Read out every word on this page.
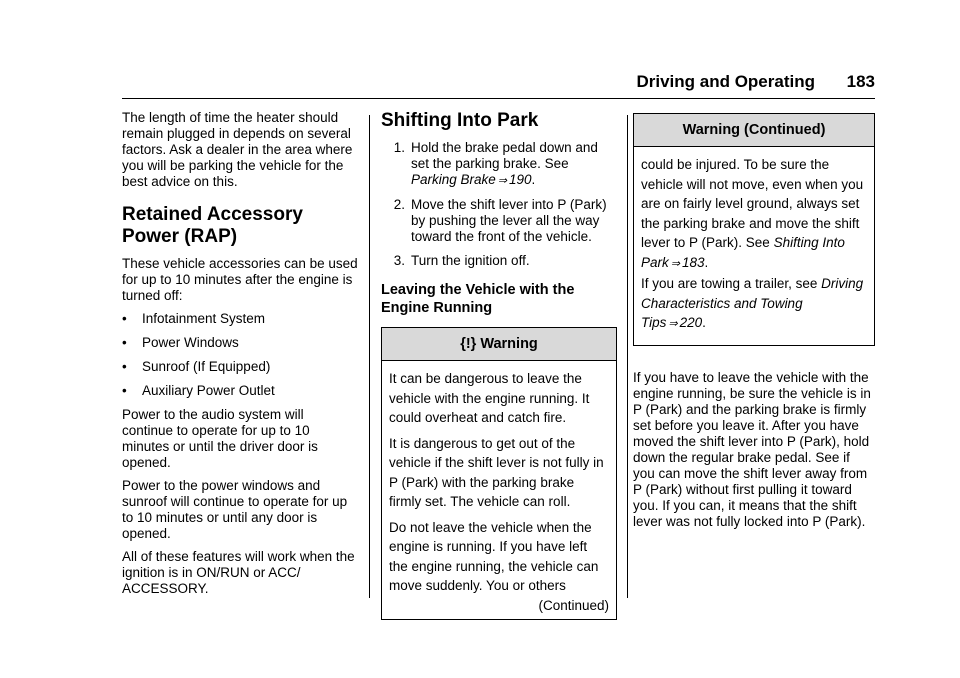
Driving and Operating 183

The length of time the heater should remain plugged in depends on several factors. Ask a dealer in the area where you will be parking the vehicle for the best advice on this.

Retained Accessory Power (RAP)

These vehicle accessories can be used for up to 10 minutes after the engine is turned off:

•	Infotainment System
•	Power Windows
•	Sunroof (If Equipped)
•	Auxiliary Power Outlet

Power to the audio system will continue to operate for up to 10 minutes or until the driver door is opened.

Power to the power windows and sunroof will continue to operate for up to 10 minutes or until any door is opened.

All of these features will work when the ignition is in ON/RUN or ACC/ ACCESSORY.

Shifting Into Park
1. Hold the brake pedal down and set the parking brake. See Parking Brake ⇒ 190.
2. Move the shift lever into P (Park) by pushing the lever all the way toward the front of the vehicle.
3. Turn the ignition off.
Leaving the Vehicle with the Engine Running
{!} Warning

It can be dangerous to leave the vehicle with the engine running. It could overheat and catch fire.

It is dangerous to get out of the vehicle if the shift lever is not fully in P (Park) with the parking brake firmly set. The vehicle can roll.

Do not leave the vehicle when the engine is running. If you have left the engine running, the vehicle can move suddenly. You or others

(Continued)
Warning (Continued)

could be injured. To be sure the vehicle will not move, even when you are on fairly level ground, always set the parking brake and move the shift lever to P (Park). See Shifting Into Park ⇒ 183.
If you are towing a trailer, see Driving Characteristics and Towing Tips ⇒ 220.

If you have to leave the vehicle with the engine running, be sure the vehicle is in P (Park) and the parking brake is firmly set before you leave it. After you have moved the shift lever into P (Park), hold down the regular brake pedal. See if you can move the shift lever away from P (Park) without first pulling it toward you. If you can, it means that the shift lever was not fully locked into P (Park).
